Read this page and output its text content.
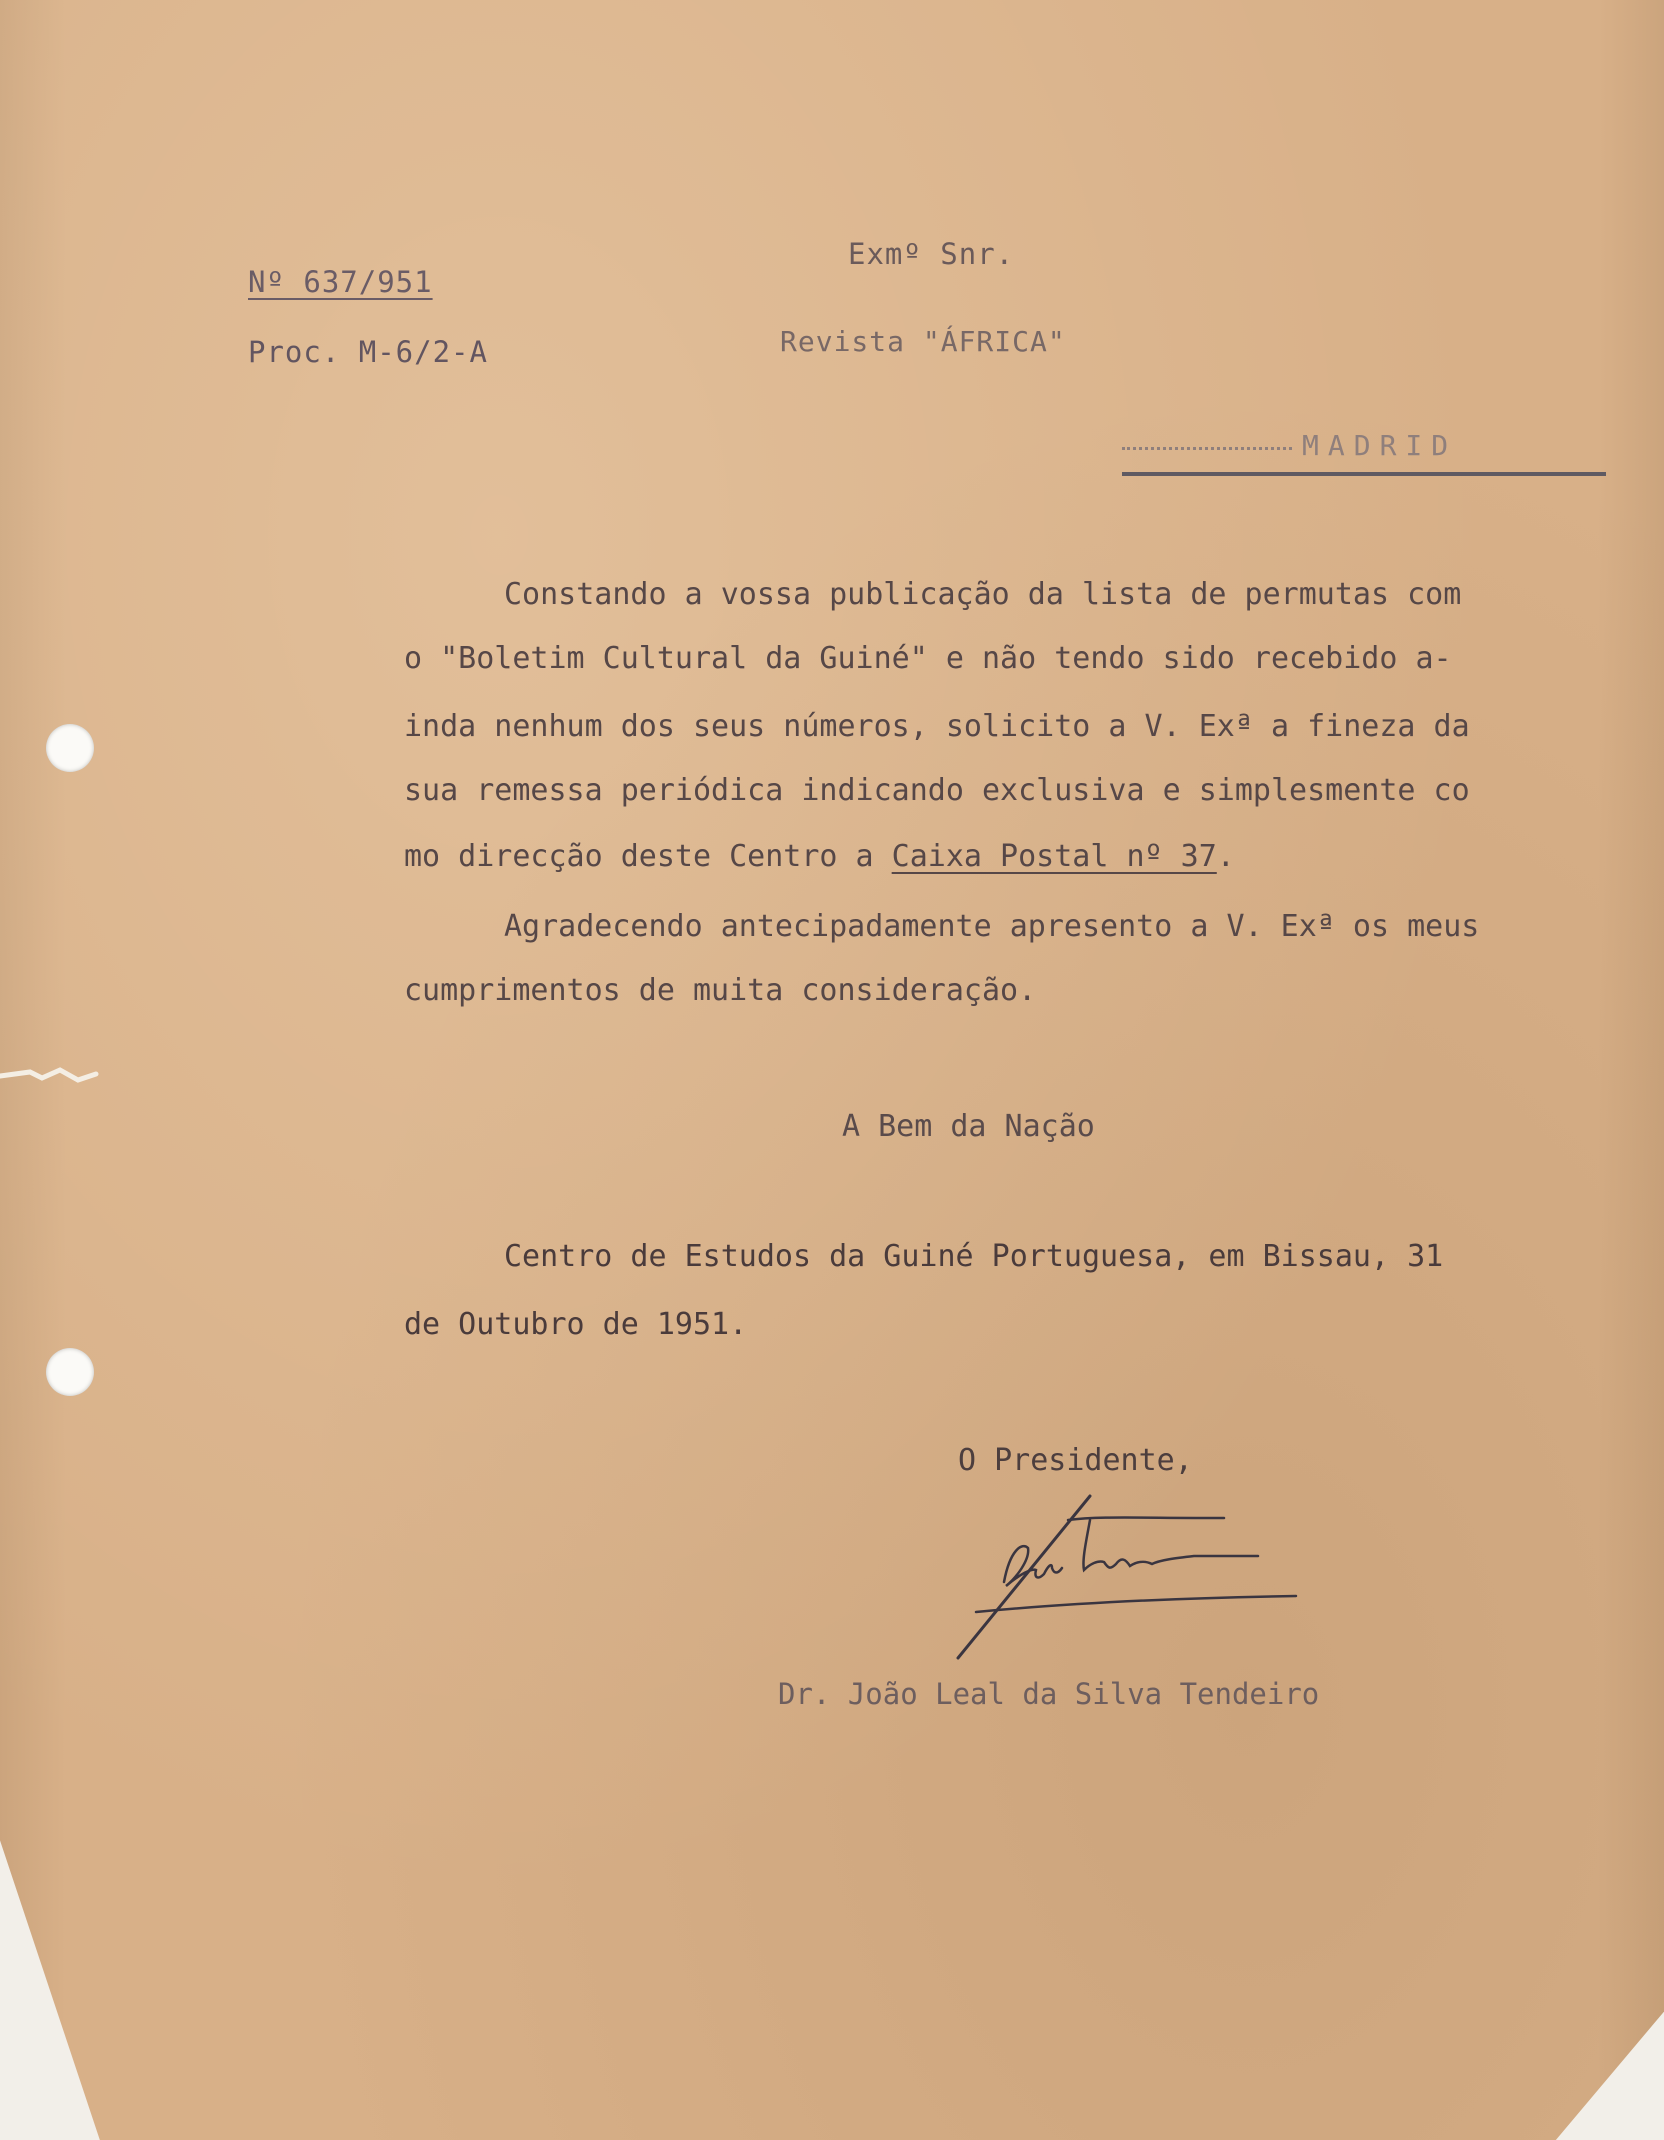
Nº 637/951
Proc. M-6/2-A
Exmº Snr.
Revista "ÁFRICA"
MADRID
Constando a vossa publicação da lista de permutas com
o "Boletim Cultural da Guiné" e não tendo sido recebido a-
inda nenhum dos seus números, solicito a V. Exª a fineza da
sua remessa periódica indicando exclusiva e simplesmente co
mo direcção deste Centro a Caixa Postal nº 37.
Agradecendo antecipadamente apresento a V. Exª os meus
cumprimentos de muita consideração.
A Bem da Nação
Centro de Estudos da Guiné Portuguesa, em Bissau, 31
de Outubro de 1951.
O Presidente,
Dr. João Leal da Silva Tendeiro
